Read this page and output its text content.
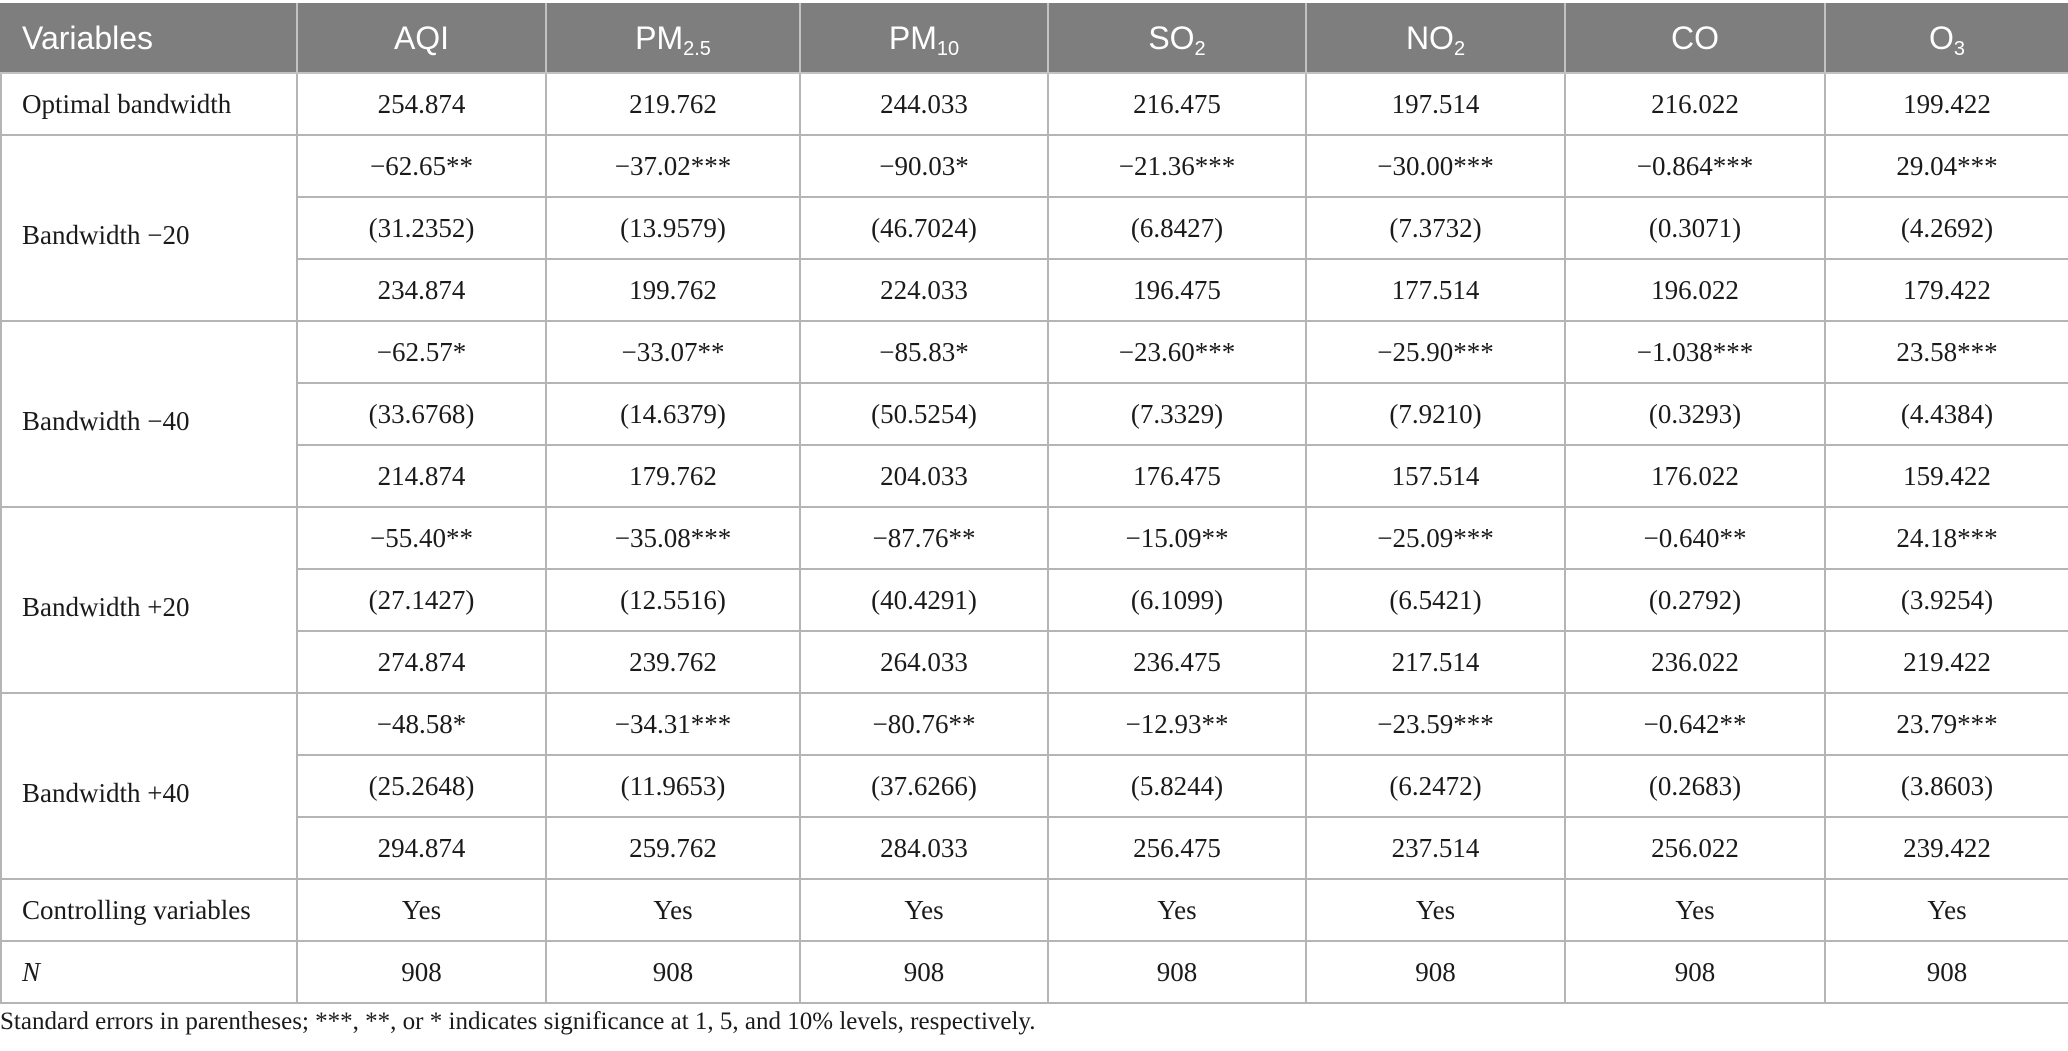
Variables	AQI	$PM_{2.5}$	$PM_{10}$	$SO_2$	$NO_2$	CO	$O_3$
Optimal bandwidth	254.874	219.762	244.033	216.475	197.514	216.022	199.422
Bandwidth −20	−62.65**	−37.02***	−90.03*	−21.36***	−30.00***	−0.864***	29.04***
	(31.2352)	(13.9579)	(46.7024)	(6.8427)	(7.3732)	(0.3071)	(4.2692)
	234.874	199.762	224.033	196.475	177.514	196.022	179.422
Bandwidth −40	−62.57*	−33.07**	−85.83*	−23.60***	−25.90***	−1.038***	23.58***
	(33.6768)	(14.6379)	(50.5254)	(7.3329)	(7.9210)	(0.3293)	(4.4384)
	214.874	179.762	204.033	176.475	157.514	176.022	159.422
Bandwidth +20	−55.40**	−35.08***	−87.76**	−15.09**	−25.09***	−0.640**	24.18***
	(27.1427)	(12.5516)	(40.4291)	(6.1099)	(6.5421)	(0.2792)	(3.9254)
	274.874	239.762	264.033	236.475	217.514	236.022	219.422
Bandwidth +40	−48.58*	−34.31***	−80.76**	−12.93**	−23.59***	−0.642**	23.79***
	(25.2648)	(11.9653)	(37.6266)	(5.8244)	(6.2472)	(0.2683)	(3.8603)
	294.874	259.762	284.033	256.475	237.514	256.022	239.422
Controlling variables	Yes	Yes	Yes	Yes	Yes	Yes	Yes
N	908	908	908	908	908	908	908
Standard errors in parentheses; ***, **, or * indicates significance at 1, 5, and 10% levels, respectively.
